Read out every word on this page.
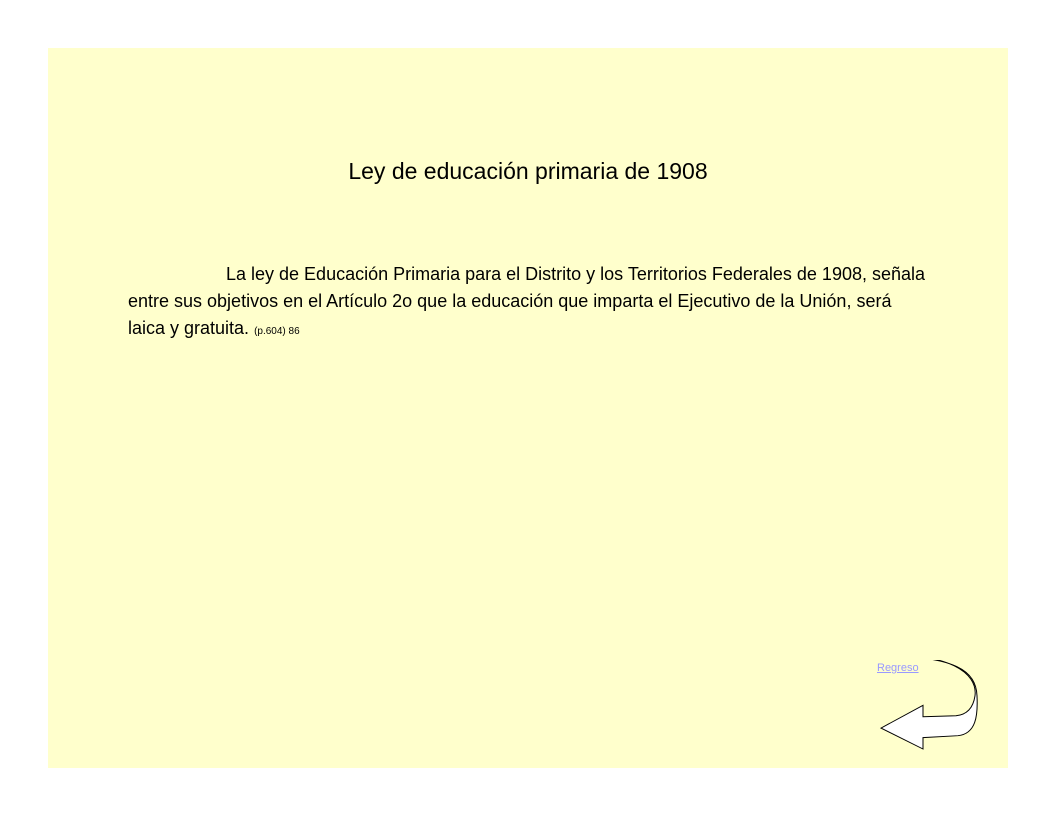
Ley de educación primaria de 1908

La ley de Educación Primaria para el Distrito y los Territorios Federales de 1908, señala entre sus objetivos en el Artículo 2o que la educación que imparta el Ejecutivo de la Unión, será laica y gratuita. (p.604) 86

Regreso
